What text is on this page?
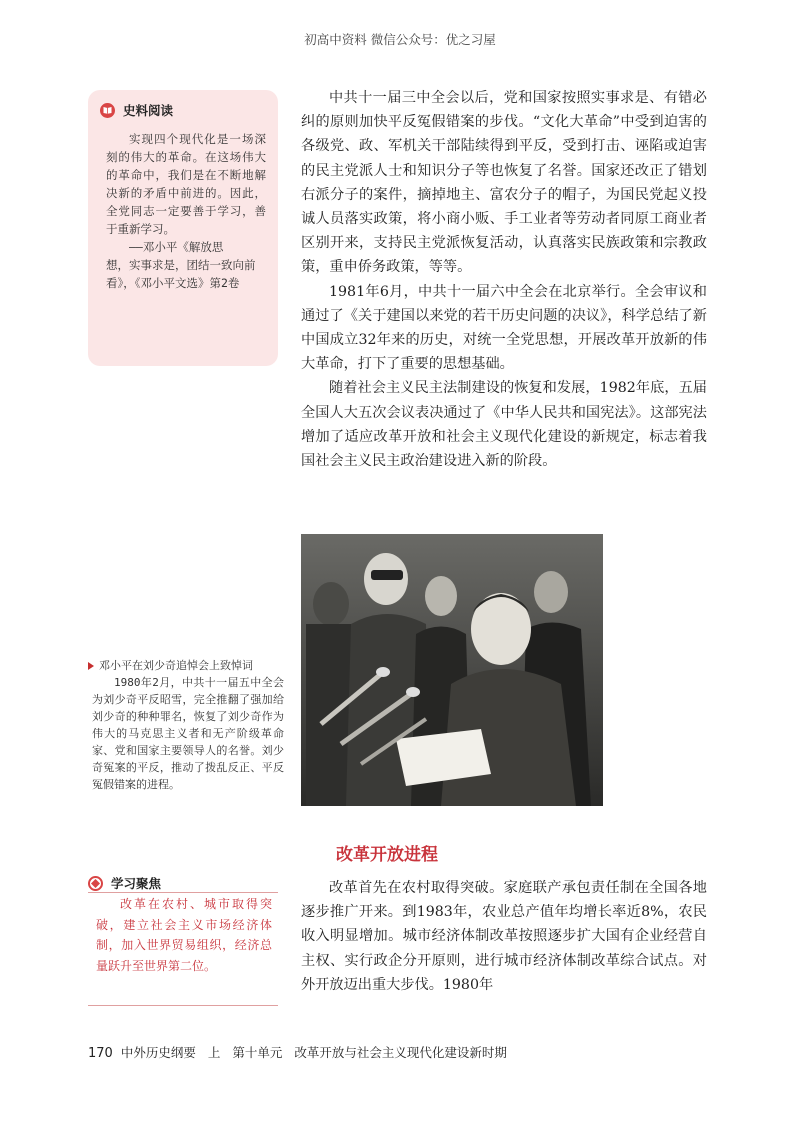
初高中资料 微信公众号：优之习屋
史料阅读
实现四个现代化是一场深刻的伟大的革命。在这场伟大的革命中，我们是在不断地解决新的矛盾中前进的。因此，全党同志一定要善于学习，善于重新学习。
——邓小平《解放思
想，实事求是，团结一致向前看》，《邓小平文选》第2卷

中共十一届三中全会以后，党和国家按照实事求是、有错必纠的原则加快平反冤假错案的步伐。“文化大革命”中受到迫害的各级党、政、军机关干部陆续得到平反，受到打击、诬陷或迫害的民主党派人士和知识分子等也恢复了名誉。国家还改正了错划右派分子的案件，摘掉地主、富农分子的帽子，为国民党起义投诚人员落实政策，将小商小贩、手工业者等劳动者同原工商业者区别开来，支持民主党派恢复活动，认真落实民族政策和宗教政策，重申侨务政策，等等。

1981年6月，中共十一届六中全会在北京举行。全会审议和通过了《关于建国以来党的若干历史问题的决议》，科学总结了新中国成立32年来的历史，对统一全党思想，开展改革开放新的伟大革命，打下了重要的思想基础。

随着社会主义民主法制建设的恢复和发展，1982年底，五届全国人大五次会议表决通过了《中华人民共和国宪法》。这部宪法增加了适应改革开放和社会主义现代化建设的新规定，标志着我国社会主义民主政治建设进入新的阶段。

邓小平在刘少奇追悼会上致悼词
1980年2月，中共十一届五中全会为刘少奇平反昭雪，完全推翻了强加给刘少奇的种种罪名，恢复了刘少奇作为伟大的马克思主义者和无产阶级革命家、党和国家主要领导人的名誉。刘少奇冤案的平反，推动了拨乱反正、平反冤假错案的进程。
改革开放进程
学习聚焦
改革在农村、城市取得突破，建立社会主义市场经济体制，加入世界贸易组织，经济总量跃升至世界第二位。

改革首先在农村取得突破。家庭联产承包责任制在全国各地逐步推广开来。到1983年，农业总产值年均增长率近8%，农民收入明显增加。城市经济体制改革按照逐步扩大国有企业经营自主权、实行政企分开原则，进行城市经济体制改革综合试点。对外开放迈出重大步伐。1980年

170 中外历史纲要 上 第十单元 改革开放与社会主义现代化建设新时期
